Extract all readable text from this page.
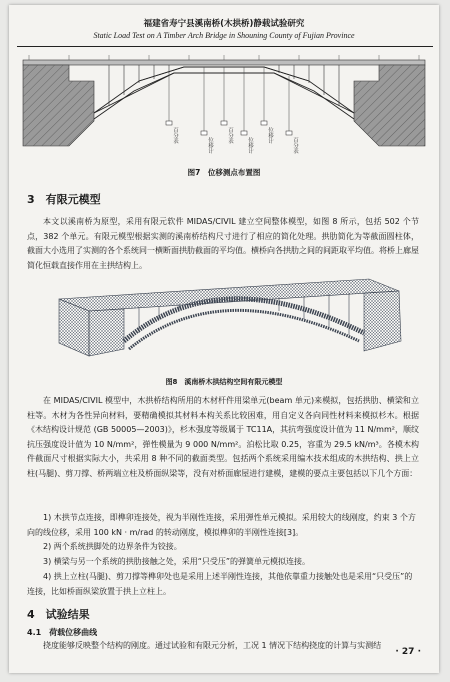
福建省寿宁县溪南桥(木拱桥)静载试验研究
Static Load Test on A Timber Arch Bridge in Shouning County of Fujian Province
百分表
位移计
百分表
位移计
位移计
百分表
图7　位移测点布置图
3　有限元模型
本文以溪南桥为原型，采用有限元软件 MIDAS/CIVIL 建立空间整体模型，如图 8 所示，包括 502 个节点，382 个单元。有限元模型根据实测的溪南桥结构尺寸进行了相应的简化处理。拱肋简化为等截面圆柱体，截面大小选用了实测的各个系统同一横断面拱肋截面的平均值。横桥向各拱肋之间的间距取平均值。将桥上廊屋简化恒载直接作用在主拱结构上。
图8　溪南桥木拱结构空间有限元模型
在 MIDAS/CIVIL 模型中，木拱桥结构所用的木材杆件用梁单元(beam 单元)来模拟，包括拱肋、横梁和立柱等。木材为各性异向材料，要精确模拟其材料本构关系比较困难，用自定义各向同性材料来模拟杉木。根据《木结构设计规范 (GB 50005—2003)》，杉木强度等级属于 TC11A，其抗弯强度设计值为 11 N/mm²，顺纹抗压强度设计值为 10 N/mm²，弹性模量为 9 000 N/mm²。泊松比取 0.25，容重为 29.5 kN/m³。各模木构件截面尺寸根据实际大小，共采用 8 种不同的截面类型。包括两个系统采用编木技术组成的木拱结构、拱上立柱(马腿)、剪刀撑、桥两端立柱及桥面纵梁等，没有对桥面廊屋进行建模，建模的要点主要包括以下几个方面：
1) 木拱节点连接，即榫卯连接处，视为半刚性连接，采用弹性单元模拟。采用较大的线刚度，约束 3 个方向的线位移，采用 100 kN · m/rad 的转动刚度，模拟榫卯的半刚性连接[3]。
2) 两个系统拱脚处的边界条件为铰接。
3) 横梁与另一个系统的拱肋接触之处，采用“只受压”的弹簧单元模拟连接。
4) 拱上立柱(马腿)、剪刀撑等榫卯处也是采用上述半刚性连接，其他依靠重力接触处也是采用“只受压”的连接，比如桥面纵梁放置于拱上立柱上。
4　试验结果
4.1　荷载位移曲线
挠度能够反映整个结构的刚度。通过试验和有限元分析，工况 1 情况下结构挠度的计算与实测结
· 27 ·
